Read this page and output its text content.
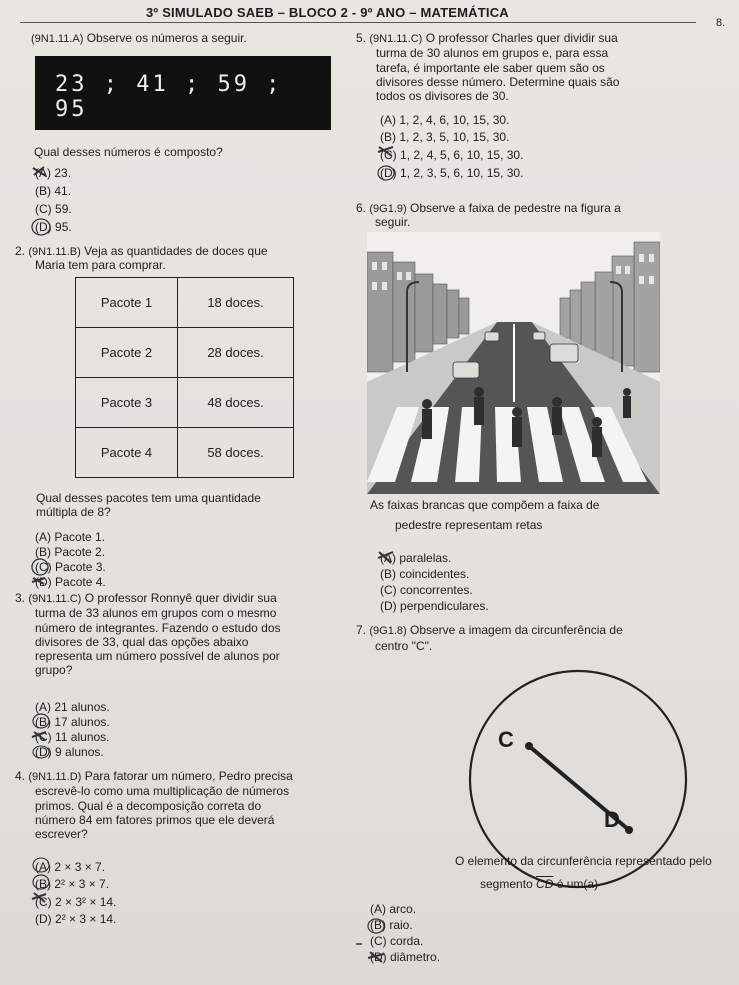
3º SIMULADO SAEB – BLOCO 2 - 9º ANO – MATEMÁTICA
8.
(9N1.11.A) Observe os números a seguir.
23 ; 41 ; 59 ; 95
Qual desses números é composto?
(A) 23.
(B) 41.
(C) 59.
(D) 95.
2. (9N1.11.B) Veja as quantidades de doces que
Maria tem para comprar.
Pacote 1	18 doces.
Pacote 2	28 doces.
Pacote 3	48 doces.
Pacote 4	58 doces.
Qual desses pacotes tem uma quantidade
múltipla de 8?
(A) Pacote 1.
(B) Pacote 2.
(C) Pacote 3.
(D) Pacote 4.
3. (9N1.11.C) O professor Ronnyê quer dividir sua
turma de 33 alunos em grupos com o mesmo
número de integrantes. Fazendo o estudo dos
divisores de 33, qual das opções abaixo
representa um número possível de alunos por
grupo?
(A) 21 alunos.
(B) 17 alunos.
(C) 11 alunos.
(D) 9 alunos.
4. (9N1.11.D) Para fatorar um número, Pedro precisa
escrevê-lo como uma multiplicação de números
primos. Qual é a decomposição correta do
número 84 em fatores primos que ele deverá
escrever?
(A) 2 × 3 × 7.
(B) 2² × 3 × 7.
(C) 2 × 3² × 14.
(D) 2² × 3 × 14.
5. (9N1.11.C) O professor Charles quer dividir sua
turma de 30 alunos em grupos e, para essa
tarefa, é importante ele saber quem são os
divisores desse número. Determine quais são
todos os divisores de 30.
(A) 1, 2, 4, 6, 10, 15, 30.
(B) 1, 2, 3, 5, 10, 15, 30.
(C) 1, 2, 4, 5, 6, 10, 15, 30.
(D) 1, 2, 3, 5, 6, 10, 15, 30.
6. (9G1.9) Observe a faixa de pedestre na figura a
seguir.
As faixas brancas que compõem a faixa de
pedestre representam retas
(A) paralelas.
(B) coincidentes.
(C) concorrentes.
(D) perpendiculares.
7. (9G1.8) Observe a imagem da circunferência de
centro "C".
C
D
O elemento da circunferência representado pelo
segmento $\overline{CD}$ é um(a)
(A) arco.
(B) raio.
(C) corda.
(D) diâmetro.
